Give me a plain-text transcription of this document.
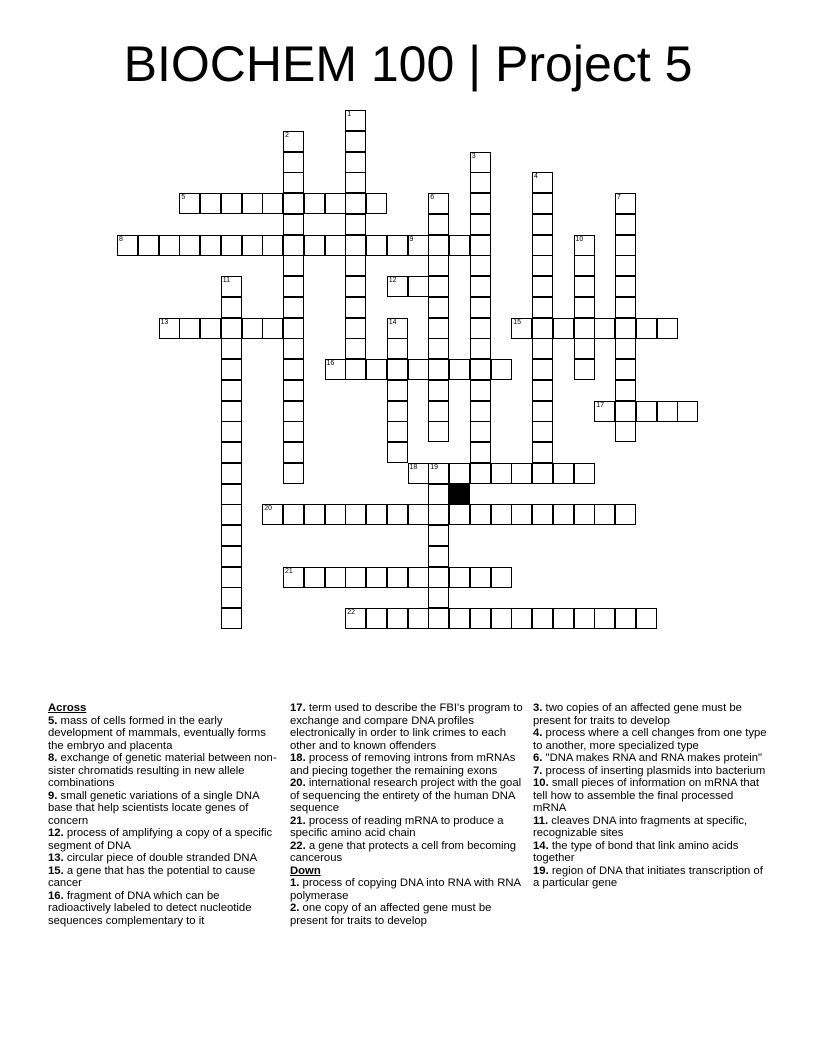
BIOCHEM 100 | Project 5
1
2
3
4
5	6	7
8	9	10
11	12
13	14	15
16
17
18 19
20
21
22

Across

5. mass of cells formed in the early development of mammals, eventually forms the embryo and placenta

8. exchange of genetic material between non-sister chromatids resulting in new allele combinations

9. small genetic variations of a single DNA base that help scientists locate genes of concern

12. process of amplifying a copy of a specific segment of DNA

13. circular piece of double stranded DNA

15. a gene that has the potential to cause cancer

16. fragment of DNA which can be radioactively labeled to detect nucleotide sequences complementary to it

17. term used to describe the FBI's program to exchange and compare DNA profiles electronically in order to link crimes to each other and to known offenders

18. process of removing introns from mRNAs and piecing together the remaining exons

20. international research project with the goal of sequencing the entirety of the human DNA sequence

21. process of reading mRNA to produce a specific amino acid chain

22. a gene that protects a cell from becoming cancerous

Down

1. process of copying DNA into RNA with RNA polymerase

2. one copy of an affected gene must be present for traits to develop

3. two copies of an affected gene must be present for traits to develop

4. process where a cell changes from one type to another, more specialized type

6. "DNA makes RNA and RNA makes protein"

7. process of inserting plasmids into bacterium

10. small pieces of information on mRNA that tell how to assemble the final processed mRNA

11. cleaves DNA into fragments at specific, recognizable sites

14. the type of bond that link amino acids together

19. region of DNA that initiates transcription of a particular gene
